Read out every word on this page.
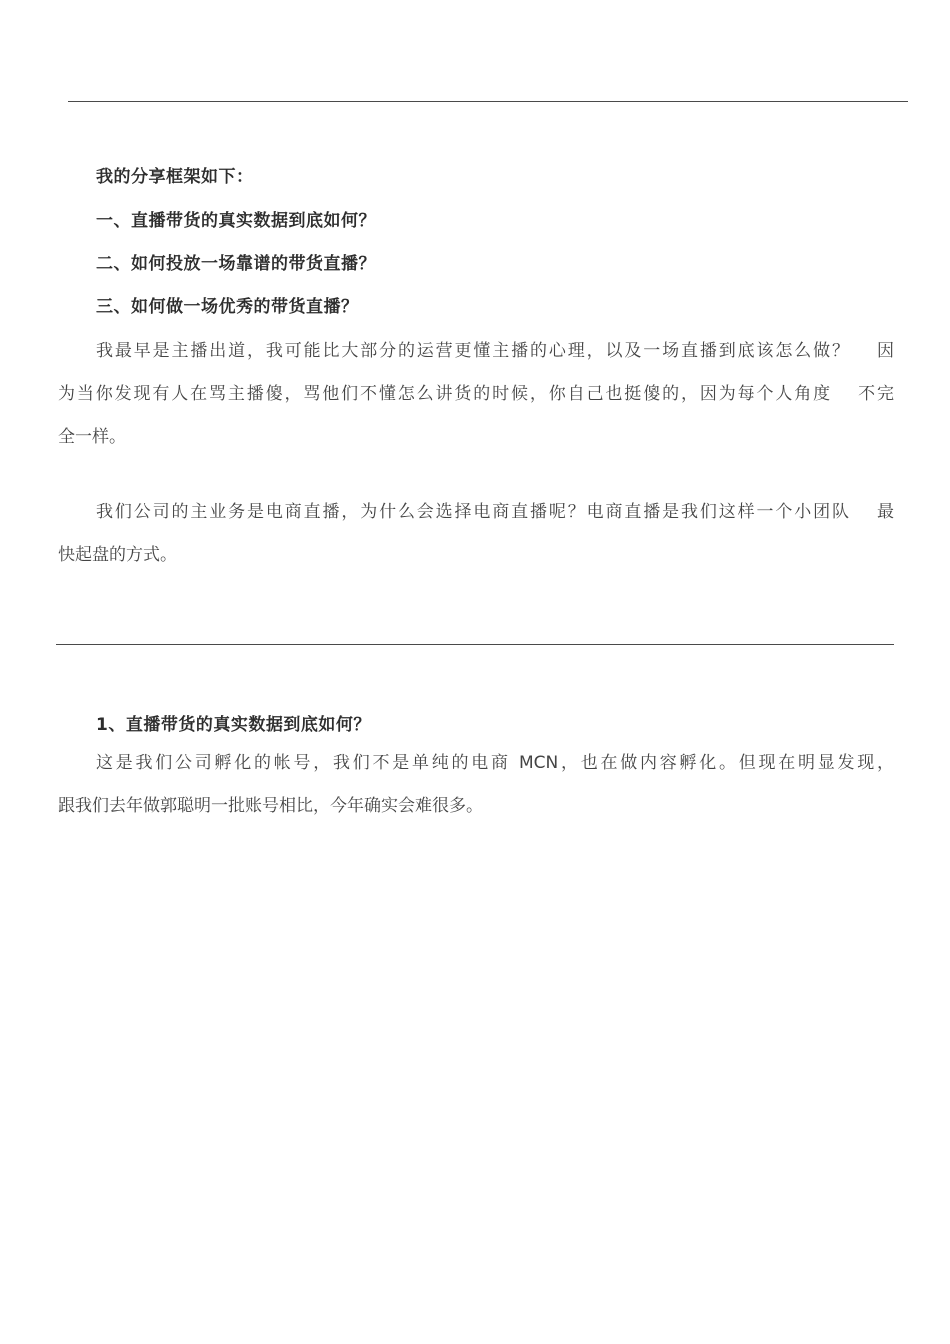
我的分享框架如下：
一、直播带货的真实数据到底如何？
二、如何投放一场靠谱的带货直播？
三、如何做一场优秀的带货直播？
我最早是主播出道，我可能比大部分的运营更懂主播的心理，以及一场直播到底该怎么做？　 因
为当你发现有人在骂主播傻，骂他们不懂怎么讲货的时候，你自己也挺傻的，因为每个人角度　 不完
全一样。
我们公司的主业务是电商直播，为什么会选择电商直播呢？电商直播是我们这样一个小团队　 最
快起盘的方式。
1、直播带货的真实数据到底如何？
这是我们公司孵化的帐号，我们不是单纯的电商 MCN，也在做内容孵化。但现在明显发现，
跟我们去年做郭聪明一批账号相比，今年确实会难很多。
